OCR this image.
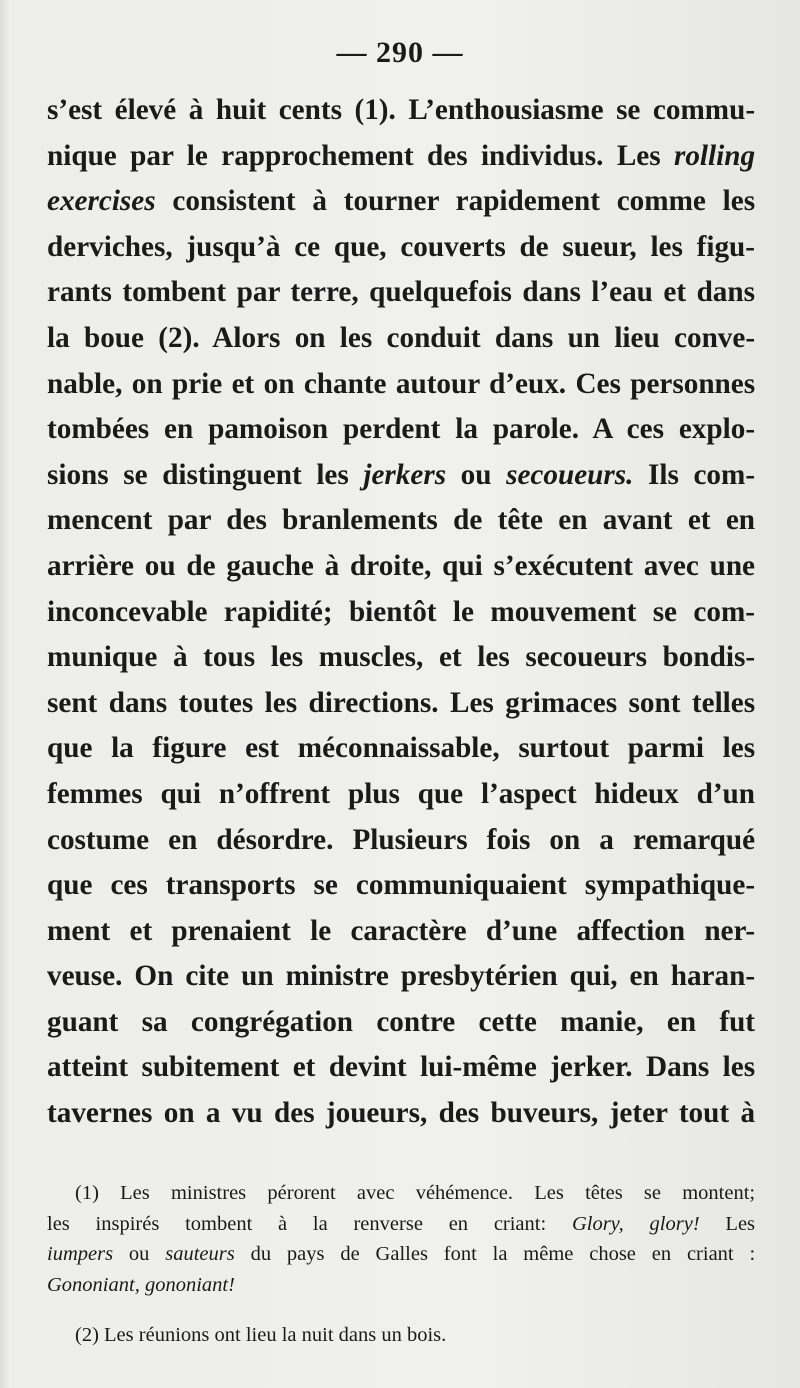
— 290 —
s’est élevé à huit cents (1). L’enthousiasme se commu-
nique par le rapprochement des individus. Les rolling
exercises consistent à tourner rapidement comme les
derviches, jusqu’à ce que, couverts de sueur, les figu-
rants tombent par terre, quelquefois dans l’eau et dans
la boue (2). Alors on les conduit dans un lieu conve-
nable, on prie et on chante autour d’eux. Ces personnes
tombées en pamoison perdent la parole. A ces explo-
sions se distinguent les jerkers ou secoueurs. Ils com-
mencent par des branlements de tête en avant et en
arrière ou de gauche à droite, qui s’exécutent avec une
inconcevable rapidité; bientôt le mouvement se com-
munique à tous les muscles, et les secoueurs bondis-
sent dans toutes les directions. Les grimaces sont telles
que la figure est méconnaissable, surtout parmi les
femmes qui n’offrent plus que l’aspect hideux d’un
costume en désordre. Plusieurs fois on a remarqué
que ces transports se communiquaient sympathique-
ment et prenaient le caractère d’une affection ner-
veuse. On cite un ministre presbytérien qui, en haran-
guant sa congrégation contre cette manie, en fut
atteint subitement et devint lui-même jerker. Dans les
tavernes on a vu des joueurs, des buveurs, jeter tout à
(1) Les ministres pérorent avec véhémence. Les têtes se montent;
les inspirés tombent à la renverse en criant: Glory, glory! Les
iumpers ou sauteurs du pays de Galles font la même chose en criant :
Gononiant, gononiant!
(2) Les réunions ont lieu la nuit dans un bois.
